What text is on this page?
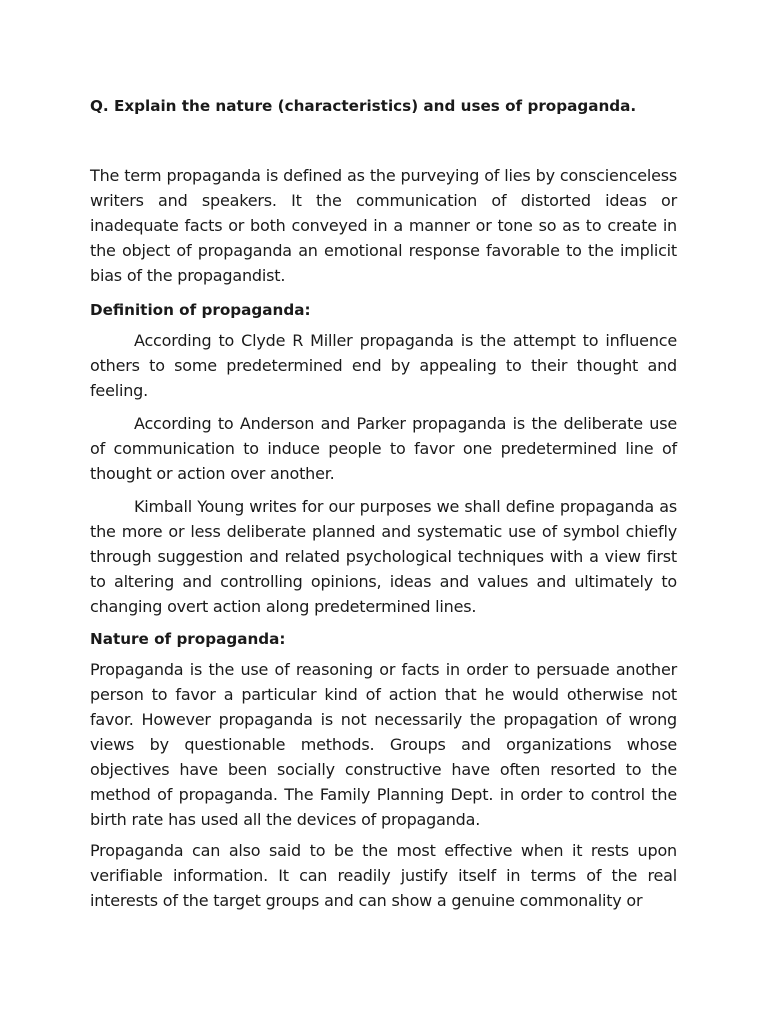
Q. Explain the nature (characteristics) and uses of propaganda.

The term propaganda is defined as the purveying of lies by conscienceless writers and speakers. It the communication of distorted ideas or inadequate facts or both conveyed in a manner or tone so as to create in the object of propaganda an emotional response favorable to the implicit bias of the propagandist.

Definition of propaganda:

According to Clyde R Miller propaganda is the attempt to influence others to some predetermined end by appealing to their thought and feeling.

According to Anderson and Parker propaganda is the deliberate use of communication to induce people to favor one predetermined line of thought or action over another.

Kimball Young writes for our purposes we shall define propaganda as the more or less deliberate planned and systematic use of symbol chiefly through suggestion and related psychological techniques with a view first to altering and controlling opinions, ideas and values and ultimately to changing overt action along predetermined lines.

Nature of propaganda:

Propaganda is the use of reasoning or facts in order to persuade another person to favor a particular kind of action that he would otherwise not favor. However propaganda is not necessarily the propagation of wrong views by questionable methods. Groups and organizations whose objectives have been socially constructive have often resorted to the method of propaganda. The Family Planning Dept. in order to control the birth rate has used all the devices of propaganda.

Propaganda can also said to be the most effective when it rests upon verifiable information. It can readily justify itself in terms of the real interests of the target groups and can show a genuine commonality or
